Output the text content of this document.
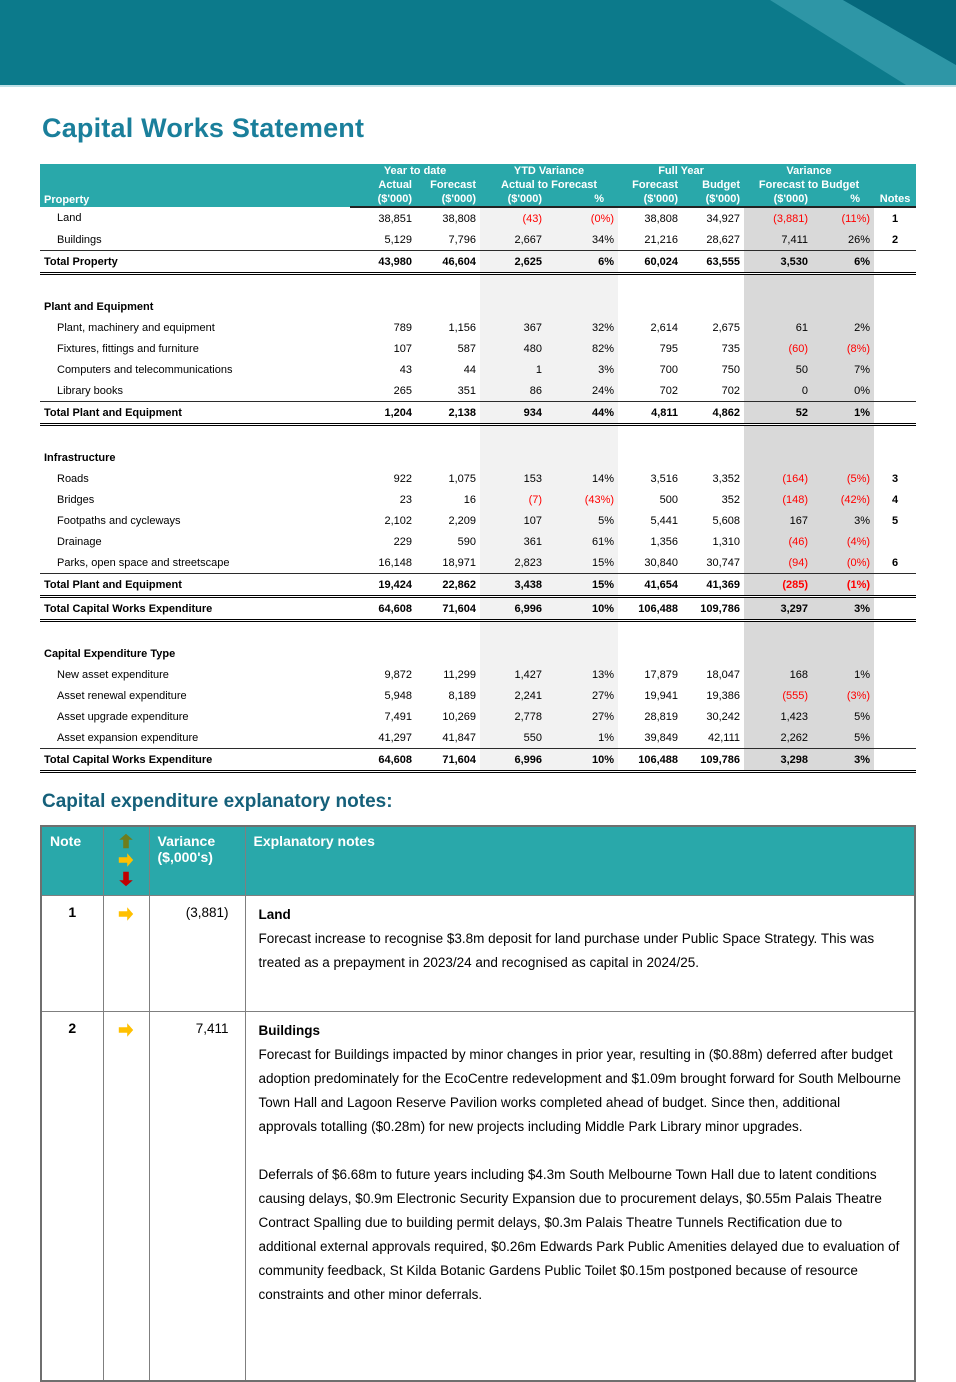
Capital Works Statement
Property	Year to date		YTD Variance		Full Year		Variance		Notes
	Actual	Forecast	Actual to Forecast		Forecast	Budget	Forecast to Budget		
	($'000)	($'000)	($'000)	%	($'000)	($'000)	($'000)	%	
Land	38,851	38,808	(43)	(0%)	38,808	34,927	(3,881)	(11%)	1
Buildings	5,129	7,796	2,667	34%	21,216	28,627	7,411	26%	2
Total Property	43,980	46,604	2,625	6%	60,024	63,555	3,530	6%	

Plant and Equipment									
Plant, machinery and equipment	789	1,156	367	32%	2,614	2,675	61	2%	
Fixtures, fittings and furniture	107	587	480	82%	795	735	(60)	(8%)	
Computers and telecommunications	43	44	1	3%	700	750	50	7%	
Library books	265	351	86	24%	702	702	0	0%	
Total Plant and Equipment	1,204	2,138	934	44%	4,811	4,862	52	1%	

Infrastructure									
Roads	922	1,075	153	14%	3,516	3,352	(164)	(5%)	3
Bridges	23	16	(7)	(43%)	500	352	(148)	(42%)	4
Footpaths and cycleways	2,102	2,209	107	5%	5,441	5,608	167	3%	5
Drainage	229	590	361	61%	1,356	1,310	(46)	(4%)	
Parks, open space and streetscape	16,148	18,971	2,823	15%	30,840	30,747	(94)	(0%)	6
Total Plant and Equipment	19,424	22,862	3,438	15%	41,654	41,369	(285)	(1%)	
Total Capital Works Expenditure	64,608	71,604	6,996	10%	106,488	109,786	3,297	3%	

Capital Expenditure Type									
New asset expenditure	9,872	11,299	1,427	13%	17,879	18,047	168	1%	
Asset renewal expenditure	5,948	8,189	2,241	27%	19,941	19,386	(555)	(3%)	
Asset upgrade expenditure	7,491	10,269	2,778	27%	28,819	30,242	1,423	5%	
Asset expansion expenditure	41,297	41,847	550	1%	39,849	42,111	2,262	5%	
Total Capital Works Expenditure	64,608	71,604	6,996	10%	106,488	109,786	3,298	3%	
Capital expenditure explanatory notes:
Note		Variance
($,000's)	Explanatory notes
1		(3,881)	Land

Forecast increase to recognise $3.8m deposit for land purchase under Public Space Strategy. This was treated as a prepayment in 2023/24 and recognised as capital in 2024/25.

2		7,411	Buildings

Forecast for Buildings impacted by minor changes in prior year, resulting in ($0.88m) deferred after budget adoption predominately for the EcoCentre redevelopment and $1.09m brought forward for South Melbourne Town Hall and Lagoon Reserve Pavilion works completed ahead of budget. Since then, additional approvals totalling ($0.28m) for new projects including Middle Park Library minor upgrades.

Deferrals of $6.68m to future years including $4.3m South Melbourne Town Hall due to latent conditions causing delays, $0.9m Electronic Security Expansion due to procurement delays, $0.55m Palais Theatre Contract Spalling due to building permit delays, $0.3m Palais Theatre Tunnels Rectification due to additional external approvals required, $0.26m Edwards Park Public Amenities delayed due to evaluation of community feedback, St Kilda Botanic Gardens Public Toilet $0.15m postponed because of resource constraints and other minor deferrals.
